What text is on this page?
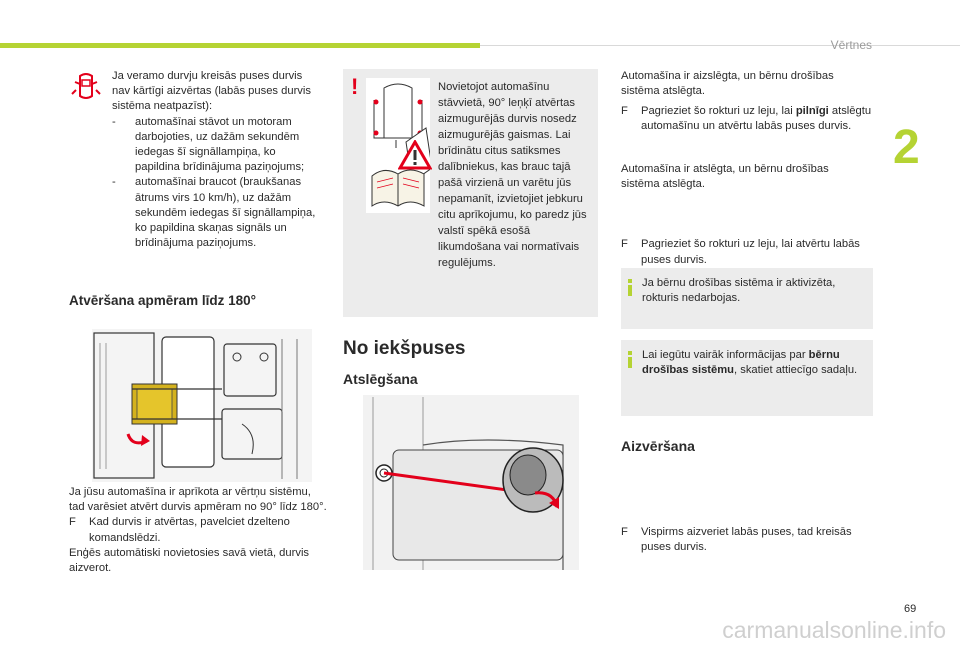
Vērtnes
2
Ja veramo durvju kreisās puses durvis nav kārtīgi aizvērtas (labās puses durvis sistēma neatpazīst):
- automašīnai stāvot un motoram darbojoties, uz dažām sekundēm iedegas šī signāllampiņa, ko papildina brīdinājuma paziņojums;
- automašīnai braucot (braukšanas ātrums virs 10 km/h), uz dažām sekundēm iedegas šī signāllampiņa, ko papildina skaņas signāls un brīdinājuma paziņojums.
Atvēršana apmēram līdz 180°
Ja jūsu automašīna ir aprīkota ar vērtņu sistēmu, tad varēsiet atvērt durvis apmēram no 90° līdz 180°.
F Kad durvis ir atvērtas, pavelciet dzelteno komandslēdzi.
Enģēs automātiski novietosies savā vietā, durvis aizverot.
!	Novietojot automašīnu stāvvietā, 90° leņķī atvērtas aizmugurējās durvis nosedz aizmugurējās gaismas. Lai brīdinātu citus satiksmes dalībniekus, kas brauc tajā pašā virzienā un varētu jūs nepamanīt, izvietojiet jebkuru citu aprīkojumu, ko paredz jūs valstī spēkā esošā likumdošana vai normatīvais regulējums.
No iekšpuses
Atslēgšana
Automašīna ir aizslēgta, un bērnu drošības sistēma atslēgta.
F Pagrieziet šo rokturi uz leju, lai pilnīgi atslēgtu automašīnu un atvērtu labās puses durvis.
Automašīna ir atslēgta, un bērnu drošības sistēma atslēgta.
F Pagrieziet šo rokturi uz leju, lai atvērtu labās puses durvis.
Ja bērnu drošības sistēma ir aktivizēta, rokturis nedarbojas.
Lai iegūtu vairāk informācijas par bērnu drošības sistēmu, skatiet attiecīgo sadaļu.
Aizvēršana
F Vispirms aizveriet labās puses, tad kreisās puses durvis.
69
carmanualsonline.info
